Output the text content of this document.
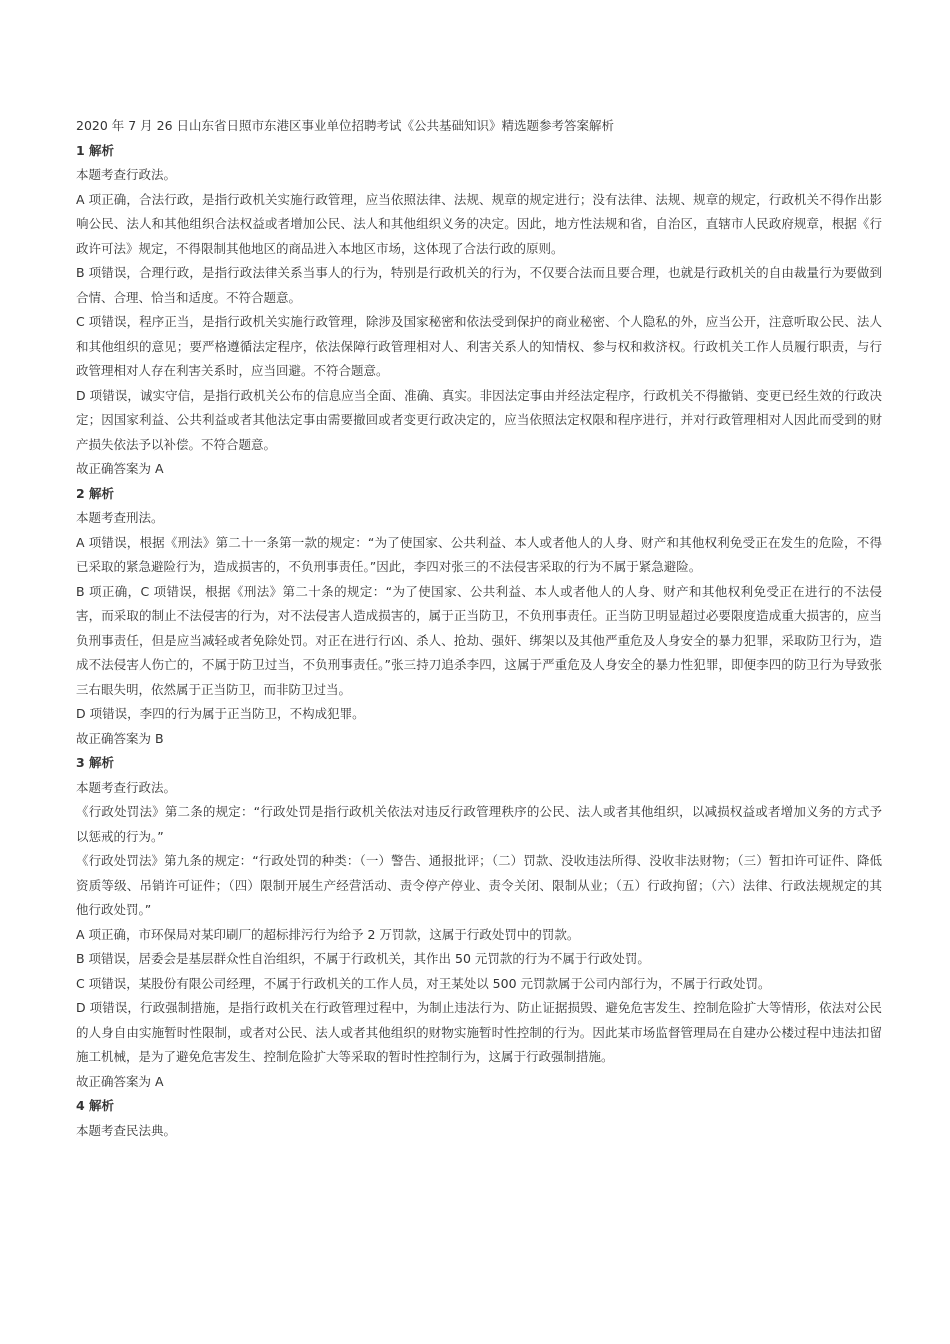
2020 年 7 月 26 日山东省日照市东港区事业单位招聘考试《公共基础知识》精选题参考答案解析

1 解析

本题考查行政法。

A 项正确，合法行政，是指行政机关实施行政管理，应当依照法律、法规、规章的规定进行；没有法律、法规、规章的规定，行政机关不得作出影响公民、法人和其他组织合法权益或者增加公民、法人和其他组织义务的决定。因此，地方性法规和省，自治区，直辖市人民政府规章，根据《行政许可法》规定，不得限制其他地区的商品进入本地区市场，这体现了合法行政的原则。

B 项错误，合理行政，是指行政法律关系当事人的行为，特别是行政机关的行为，不仅要合法而且要合理，也就是行政机关的自由裁量行为要做到合情、合理、恰当和适度。不符合题意。

C 项错误，程序正当，是指行政机关实施行政管理，除涉及国家秘密和依法受到保护的商业秘密、个人隐私的外，应当公开，注意听取公民、法人和其他组织的意见；要严格遵循法定程序，依法保障行政管理相对人、利害关系人的知情权、参与权和救济权。行政机关工作人员履行职责，与行政管理相对人存在利害关系时，应当回避。不符合题意。

D 项错误，诚实守信，是指行政机关公布的信息应当全面、准确、真实。非因法定事由并经法定程序，行政机关不得撤销、变更已经生效的行政决定；因国家利益、公共利益或者其他法定事由需要撤回或者变更行政决定的，应当依照法定权限和程序进行，并对行政管理相对人因此而受到的财产损失依法予以补偿。不符合题意。

故正确答案为 A

2 解析

本题考查刑法。

A 项错误，根据《刑法》第二十一条第一款的规定：“为了使国家、公共利益、本人或者他人的人身、财产和其他权利免受正在发生的危险，不得已采取的紧急避险行为，造成损害的，不负刑事责任。”因此，李四对张三的不法侵害采取的行为不属于紧急避险。

B 项正确，C 项错误，根据《刑法》第二十条的规定：“为了使国家、公共利益、本人或者他人的人身、财产和其他权利免受正在进行的不法侵害，而采取的制止不法侵害的行为，对不法侵害人造成损害的，属于正当防卫，不负刑事责任。正当防卫明显超过必要限度造成重大损害的，应当负刑事责任，但是应当减轻或者免除处罚。对正在进行行凶、杀人、抢劫、强奸、绑架以及其他严重危及人身安全的暴力犯罪，采取防卫行为，造成不法侵害人伤亡的，不属于防卫过当，不负刑事责任。”张三持刀追杀李四，这属于严重危及人身安全的暴力性犯罪，即便李四的防卫行为导致张三右眼失明，依然属于正当防卫，而非防卫过当。

D 项错误，李四的行为属于正当防卫，不构成犯罪。

故正确答案为 B

3 解析

本题考查行政法。

《行政处罚法》第二条的规定：“行政处罚是指行政机关依法对违反行政管理秩序的公民、法人或者其他组织，以减损权益或者增加义务的方式予以惩戒的行为。”

《行政处罚法》第九条的规定：“行政处罚的种类：（一）警告、通报批评；（二）罚款、没收违法所得、没收非法财物；（三）暂扣许可证件、降低资质等级、吊销许可证件；（四）限制开展生产经营活动、责令停产停业、责令关闭、限制从业；（五）行政拘留；（六）法律、行政法规规定的其他行政处罚。”

A 项正确，市环保局对某印刷厂的超标排污行为给予 2 万罚款，这属于行政处罚中的罚款。

B 项错误，居委会是基层群众性自治组织，不属于行政机关，其作出 50 元罚款的行为不属于行政处罚。

C 项错误，某股份有限公司经理，不属于行政机关的工作人员，对王某处以 500 元罚款属于公司内部行为，不属于行政处罚。

D 项错误，行政强制措施，是指行政机关在行政管理过程中，为制止违法行为、防止证据损毁、避免危害发生、控制危险扩大等情形，依法对公民的人身自由实施暂时性限制，或者对公民、法人或者其他组织的财物实施暂时性控制的行为。因此某市场监督管理局在自建办公楼过程中违法扣留施工机械，是为了避免危害发生、控制危险扩大等采取的暂时性控制行为，这属于行政强制措施。

故正确答案为 A

4 解析

本题考查民法典。
